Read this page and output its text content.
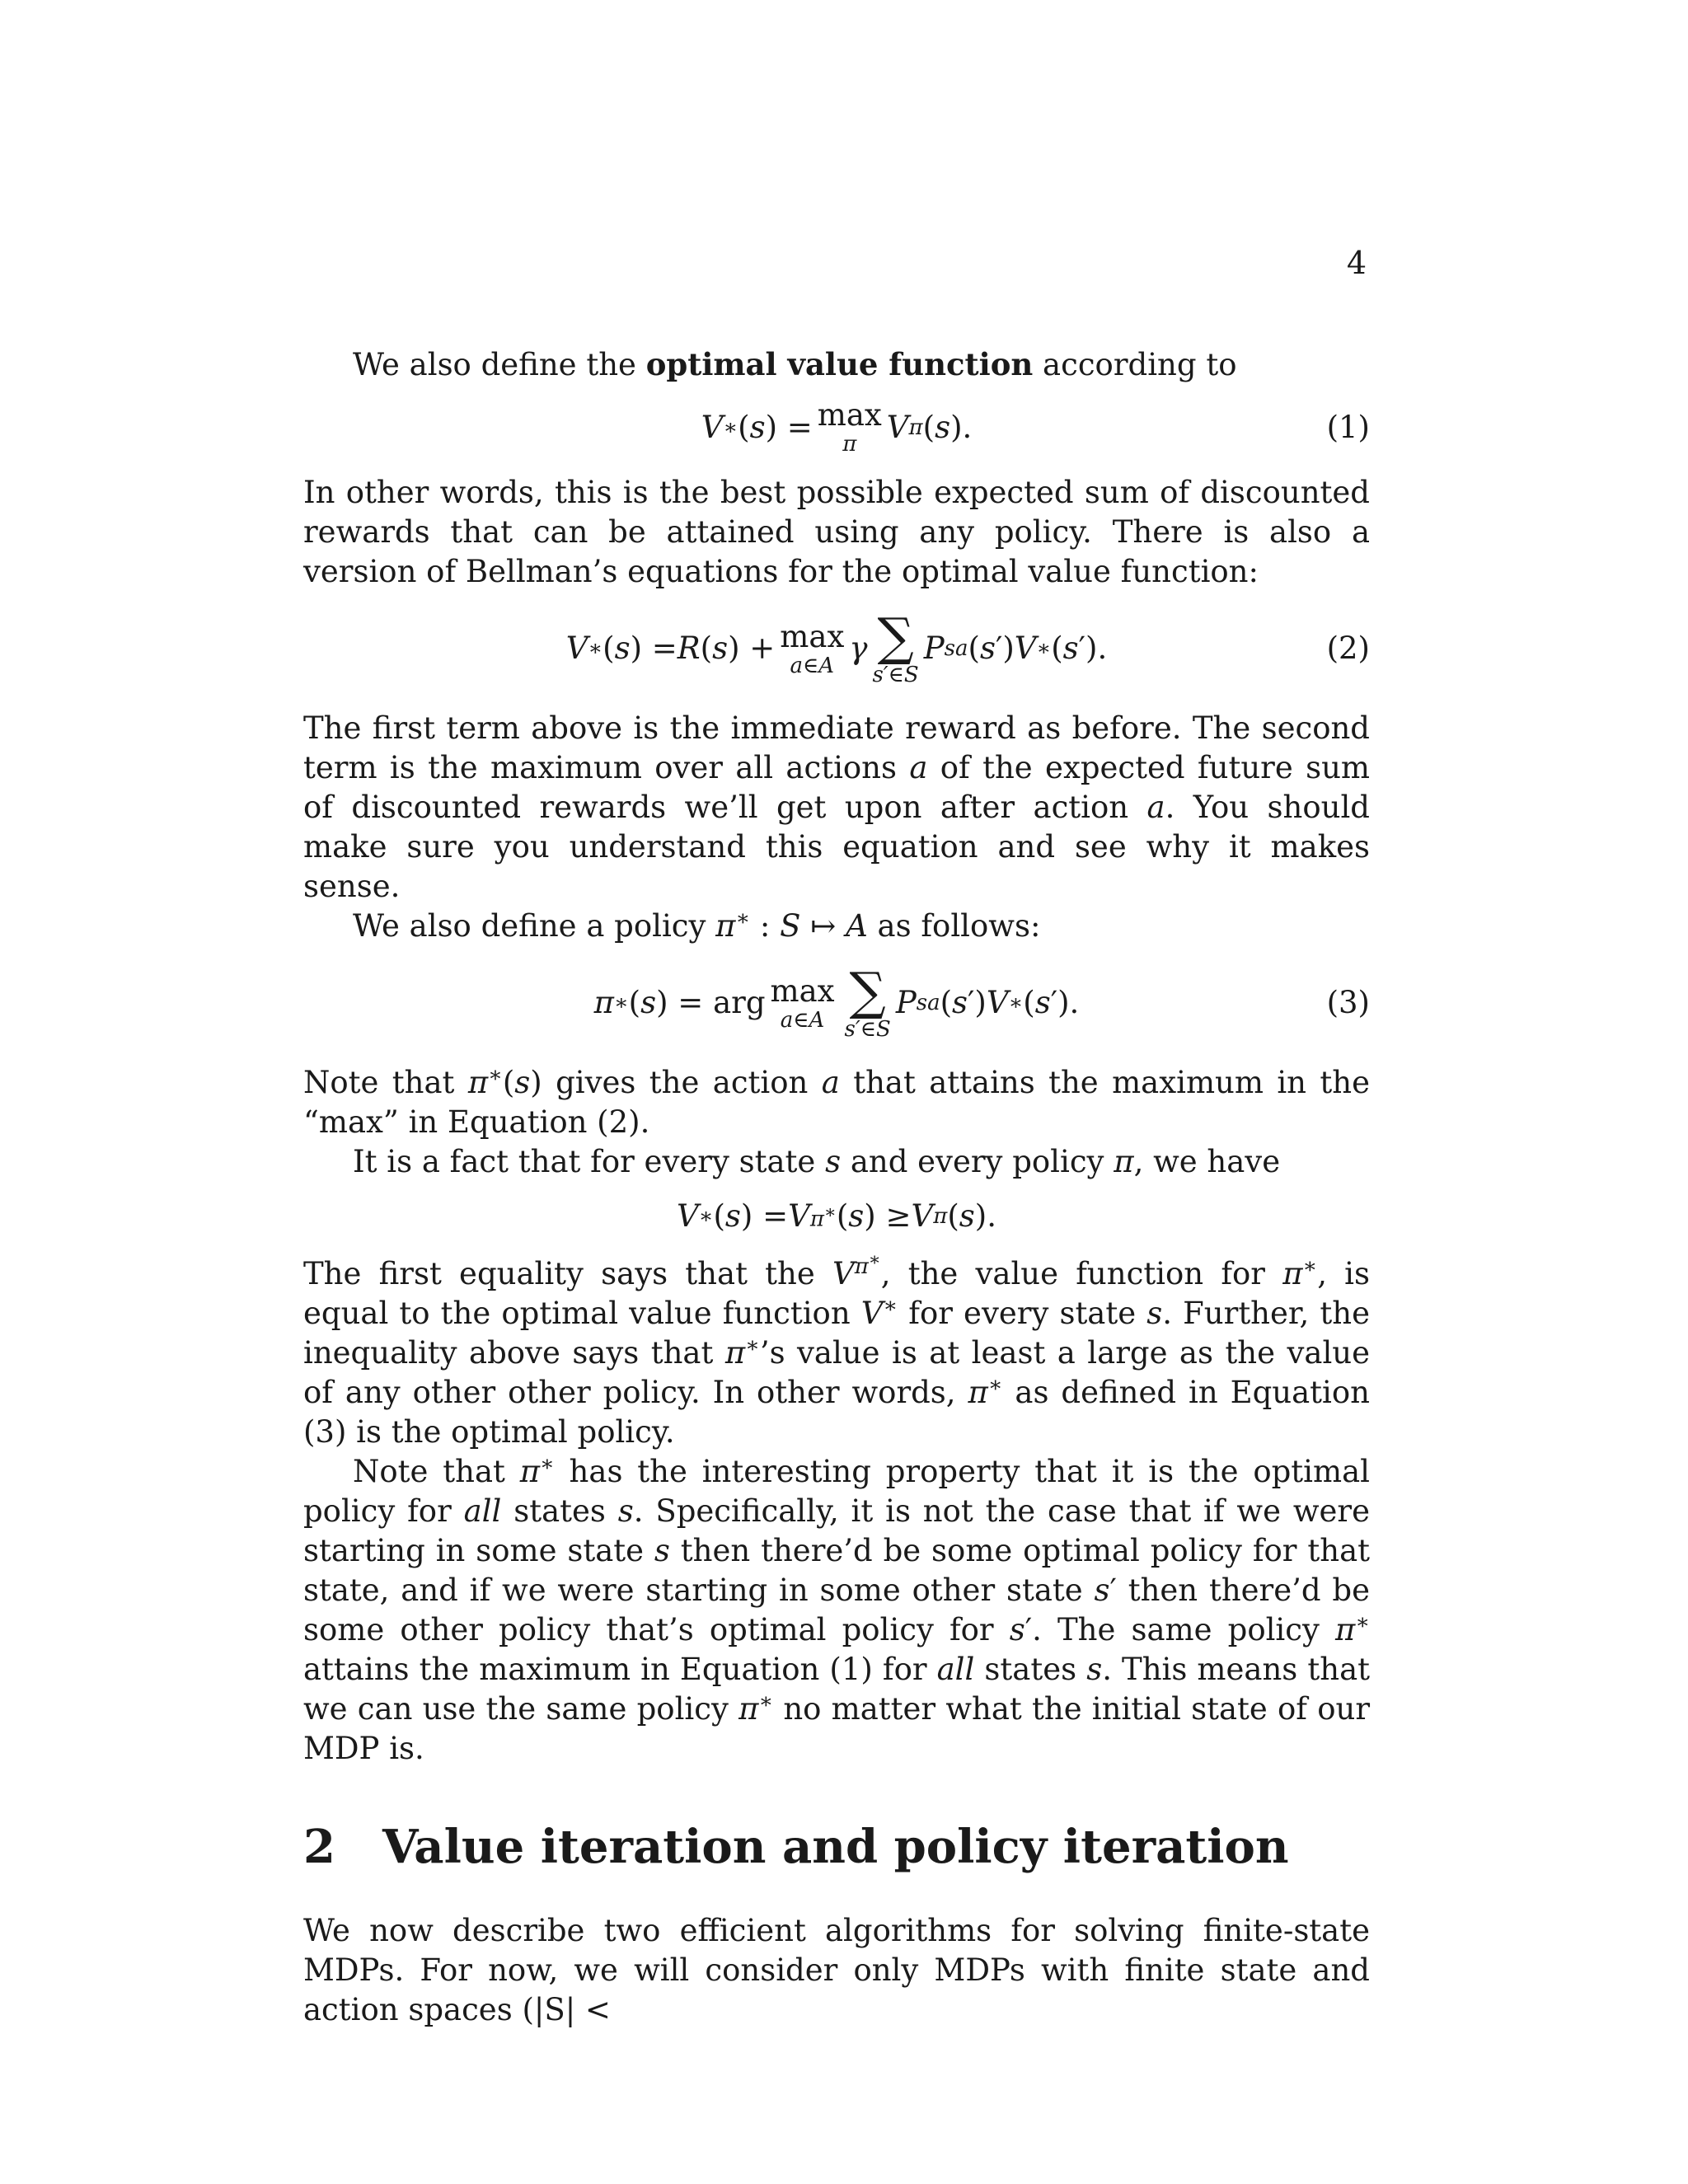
4

We also define the optimal value function according to

V ∗ ( s ) = max
π V π ( s ).	(1)

In other words, this is the best possible expected sum of discounted rewards that can be attained using any policy. There is also a version of Bellman’s equations for the optimal value function:

V ∗ ( s ) = R ( s ) + max
a∈A γ ∑
s′∈S
P sa ( s ′) V ∗ ( s ′).	(2)

The first term above is the immediate reward as before. The second term is the maximum over all actions a of the expected future sum of discounted rewards we’ll get upon after action a. You should make sure you understand this equation and see why it makes sense.

We also define a policy π∗ : S ↦ A as follows:

π ∗ ( s ) = arg max
a∈A ∑
s′∈S
P sa ( s ′) V ∗ ( s ′).	(3)

Note that π∗(s) gives the action a that attains the maximum in the “max” in Equation (2).

It is a fact that for every state s and every policy π, we have

V ∗ ( s ) = V π∗ ( s ) ≥ V π ( s ).

The first equality says that the $V^{\pi^∗}$, the value function for π∗, is equal to the optimal value function V∗ for every state s. Further, the inequality above says that π∗’s value is at least a large as the value of any other other policy. In other words, π∗ as defined in Equation (3) is the optimal policy.

Note that π∗ has the interesting property that it is the optimal policy for all states s. Specifically, it is not the case that if we were starting in some state s then there’d be some optimal policy for that state, and if we were starting in some other state s′ then there’d be some other policy that’s optimal policy for s′. The same policy π∗ attains the maximum in Equation (1) for all states s. This means that we can use the same policy π∗ no matter what the initial state of our MDP is.

2	Value iteration and policy iteration

We now describe two efficient algorithms for solving finite-state MDPs. For now, we will consider only MDPs with finite state and action spaces (|S| <
